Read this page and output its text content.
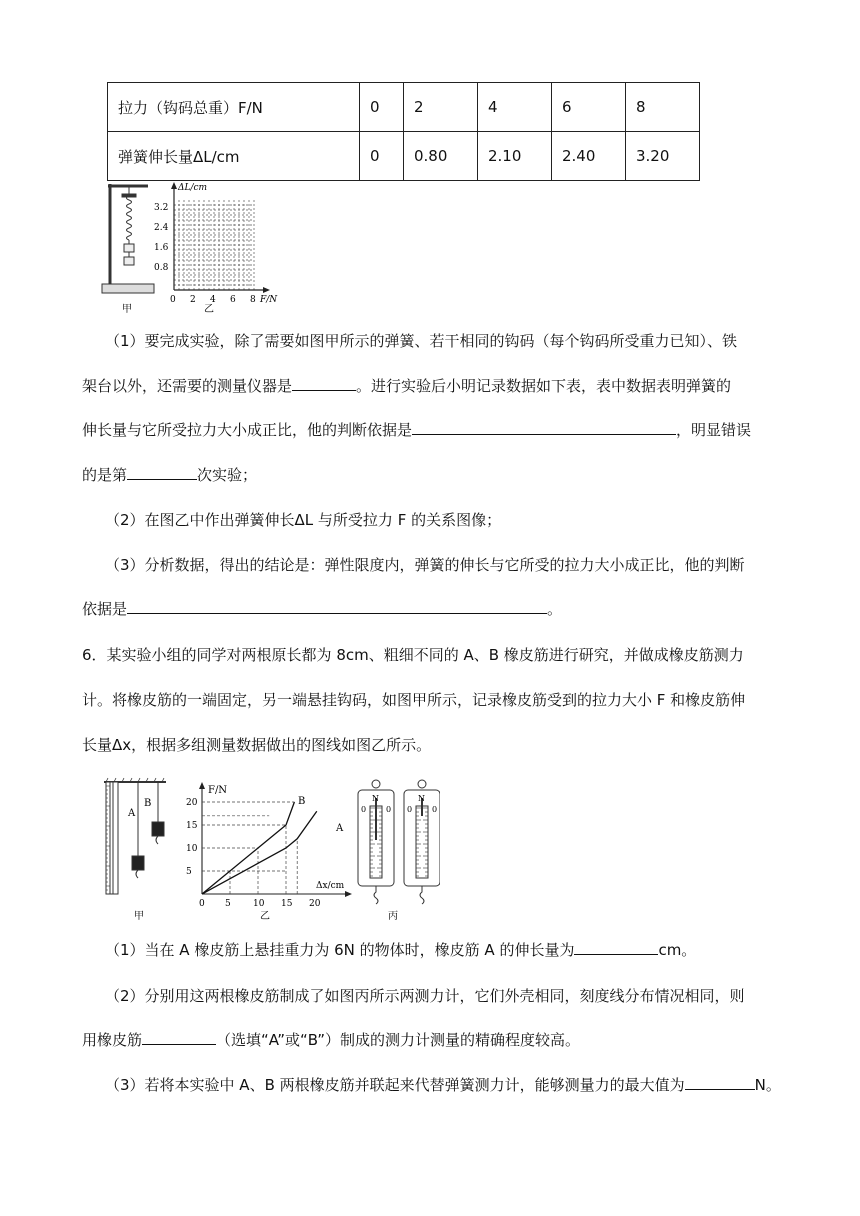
拉力（钩码总重）F/N	0	2	4	6	8
弹簧伸长量ΔL/cm	0	0.80	2.10	2.40	3.20
甲
ΔL/cm
F/N
3.2
2.4
1.6
0.8
0 2 4 6 8
乙
（1）要完成实验，除了需要如图甲所示的弹簧、若干相同的钩码（每个钩码所受重力已知）、铁
架台以外，还需要的测量仪器是	。进行实验后小明记录数据如下表，表中数据表明弹簧的
伸长量与它所受拉力大小成正比，他的判断依据是	，明显错误
的是第	次实验；
（2）在图乙中作出弹簧伸长ΔL 与所受拉力 F 的关系图像；
（3）分析数据，得出的结论是：弹性限度内，弹簧的伸长与它所受的拉力大小成正比，他的判断
依据是	。
6．某实验小组的同学对两根原长都为 8cm、粗细不同的 A、B 橡皮筋进行研究，并做成橡皮筋测力
计。将橡皮筋的一端固定，另一端悬挂钩码，如图甲所示，记录橡皮筋受到的拉力大小 F 和橡皮筋伸
长量Δx，根据多组测量数据做出的图线如图乙所示。
A
B
甲
F/N
Δx/cm
B
A
20
15
10
5
0 5 10 15 20
乙
N	N
0 0 0 0
丙
（1）当在 A 橡皮筋上悬挂重力为 6N 的物体时，橡皮筋 A 的伸长量为	cm。
（2）分别用这两根橡皮筋制成了如图丙所示两测力计，它们外壳相同，刻度线分布情况相同，则
用橡皮筋	（选填“A”或“B”）制成的测力计测量的精确程度较高。
（3）若将本实验中 A、B 两根橡皮筋并联起来代替弹簧测力计，能够测量力的最大值为	N。
